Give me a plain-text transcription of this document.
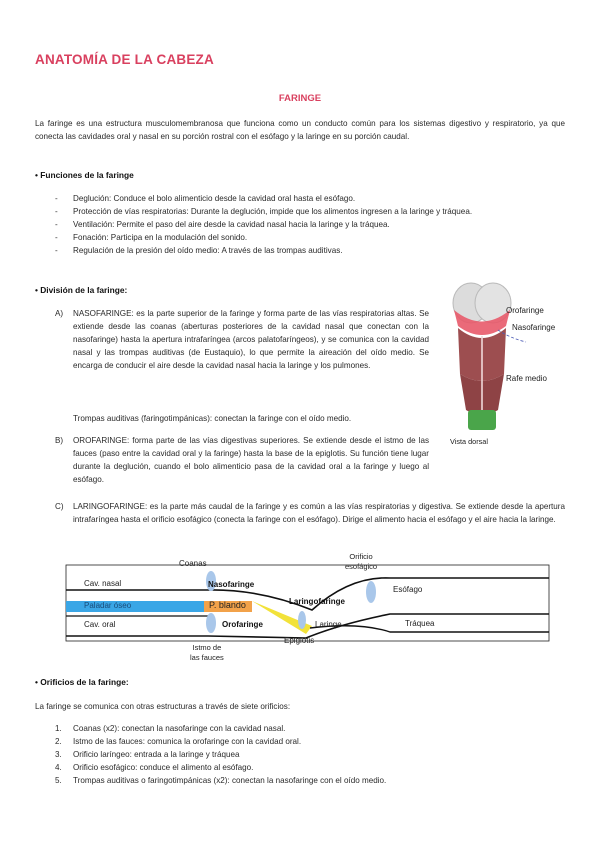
ANATOMÍA DE LA CABEZA
FARINGE
La faringe es una estructura musculomembranosa que funciona como un conducto común para los sistemas digestivo y respiratorio, ya que conecta las cavidades oral y nasal en su porción rostral con el esófago y la laringe en su porción caudal.
• Funciones de la faringe
- Deglución: Conduce el bolo alimenticio desde la cavidad oral hasta el esófago.
- Protección de vías respiratorias: Durante la deglución, impide que los alimentos ingresen a la laringe y tráquea.
- Ventilación: Permite el paso del aire desde la cavidad nasal hacia la laringe y la tráquea.
- Fonación: Participa en la modulación del sonido.
- Regulación de la presión del oído medio: A través de las trompas auditivas.
• División de la faringe:
A) NASOFARINGE: es la parte superior de la faringe y forma parte de las vías respiratorias altas. Se extiende desde las coanas (aberturas posteriores de la cavidad nasal que conectan con la nasofaringe) hasta la apertura intrafaríngea (arcos palatofaríngeos), y se comunica con la cavidad nasal y las trompas auditivas (de Eustaquio), lo que permite la aireación del oído medio. Se encarga de conducir el aire desde la cavidad nasal hacia la laringe y los pulmones.
Trompas auditivas (faringotimpánicas): conectan la faringe con el oído medio.
B) OROFARINGE: forma parte de las vías digestivas superiores. Se extiende desde el istmo de las fauces (paso entre la cavidad oral y la faringe) hasta la base de la epiglotis. Su función tiene lugar durante la deglución, cuando el bolo alimenticio pasa de la cavidad oral a la faringe y luego al esófago.
C) LARINGOFARINGE: es la parte más caudal de la faringe y es común a las vías respiratorias y digestiva. Se extiende desde la apertura intrafaríngea hasta el orificio esofágico (conecta la faringe con el esófago). Dirige el alimento hacia el esófago y el aire hacia la laringe.
Orofaringe
Nasofaringe
Rafe medio
Vista dorsal
Coanas
Orificio
esofágico
Cav. nasal	Nasofaringe
Esófago
Laringofaringe
Paladar óseo	P. blando
Cav. oral	Orofaringe	Laringe	Tráquea
Epiglotis
Istmo de
las fauces
• Orificios de la faringe:
La faringe se comunica con otras estructuras a través de siete orificios:
1. Coanas (x2): conectan la nasofaringe con la cavidad nasal.
2. Istmo de las fauces: comunica la orofaringe con la cavidad oral.
3. Orificio laríngeo: entrada a la laringe y tráquea
4. Orificio esofágico: conduce el alimento al esófago.
5. Trompas auditivas o faringotimpánicas (x2): conectan la nasofaringe con el oído medio.
